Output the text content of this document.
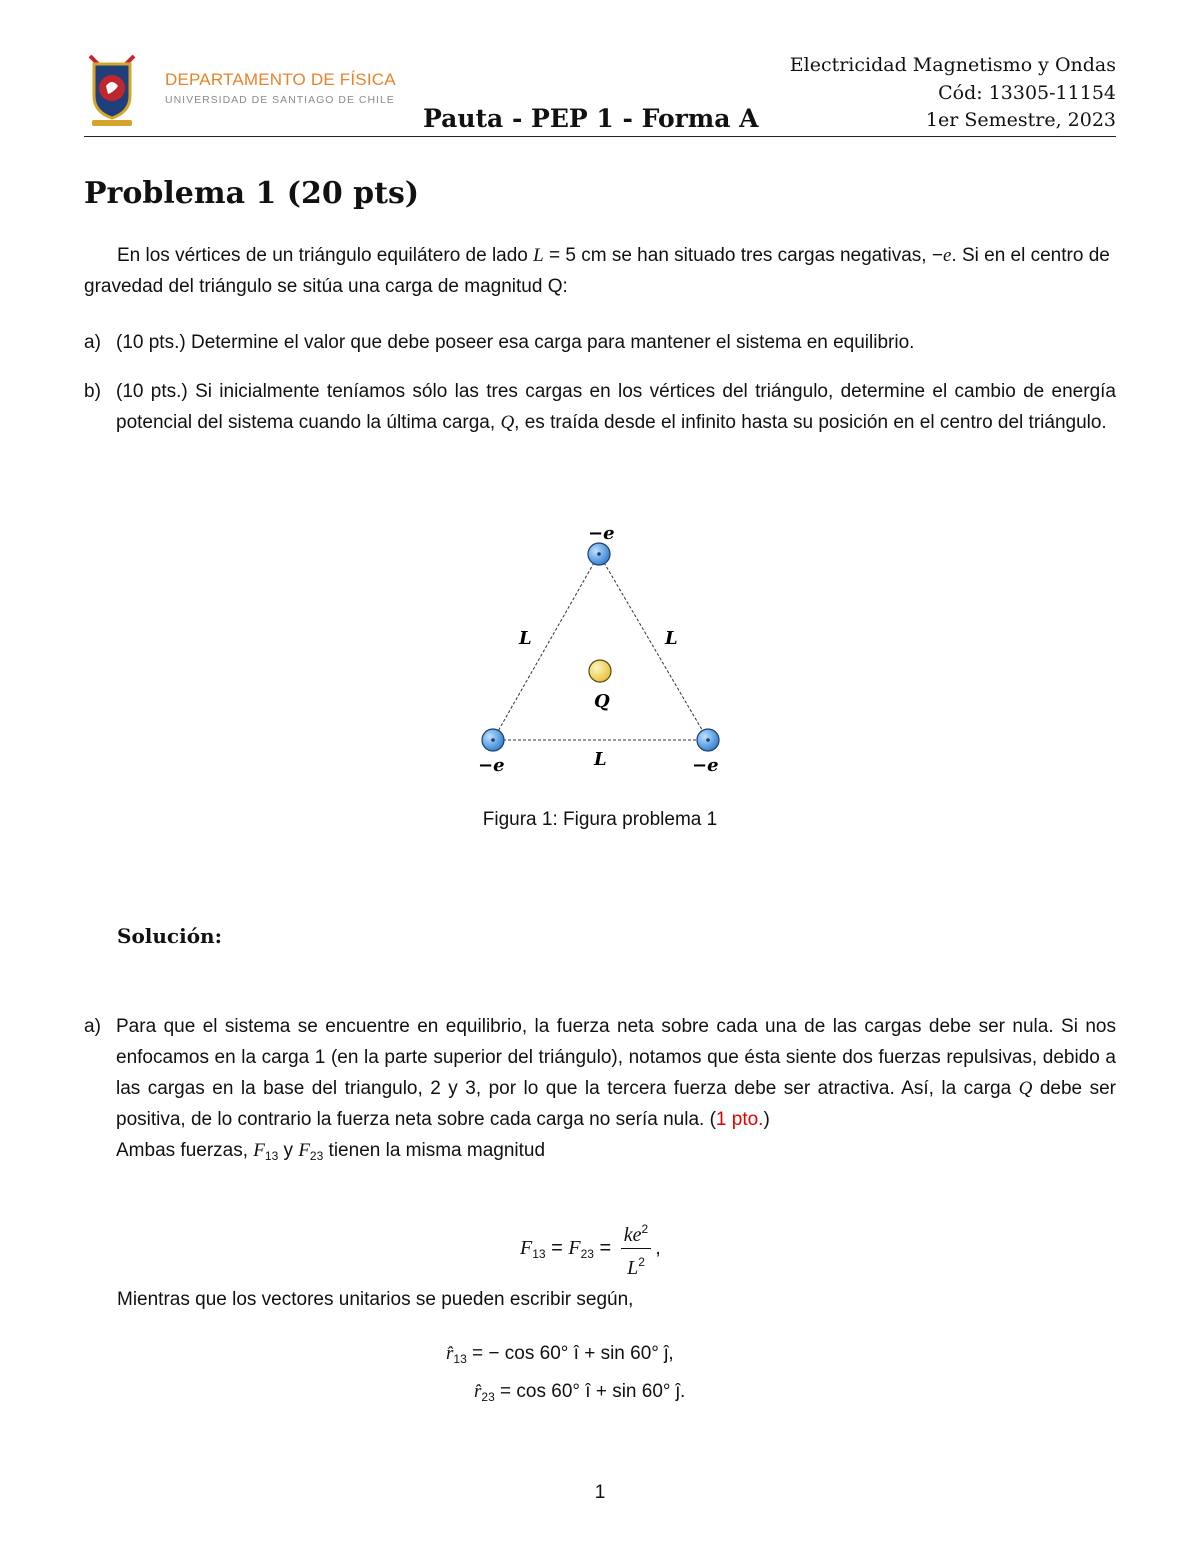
DEPARTAMENTO DE FÍSICA
UNIVERSIDAD DE SANTIAGO DE CHILE
Electricidad Magnetismo y Ondas
Cód: 13305-11154
1er Semestre, 2023
Pauta - PEP 1 - Forma A
Problema 1 (20 pts)
En los vértices de un triángulo equilátero de lado L = 5 cm se han situado tres cargas negativas, −e. Si en el centro de gravedad del triángulo se sitúa una carga de magnitud Q:
a) (10 pts.) Determine el valor que debe poseer esa carga para mantener el sistema en equilibrio.
b) (10 pts.) Si inicialmente teníamos sólo las tres cargas en los vértices del triángulo, determine el cambio de energía potencial del sistema cuando la última carga, Q, es traída desde el infinito hasta su posición en el centro del triángulo.
−e
−e	−e
L	L
L
Q
Figura 1: Figura problema 1
Solución:
a) Para que el sistema se encuentre en equilibrio, la fuerza neta sobre cada una de las cargas debe ser nula. Si nos enfocamos en la carga 1 (en la parte superior del triángulo), notamos que ésta siente dos fuerzas repulsivas, debido a las cargas en la base del triangulo, 2 y 3, por lo que la tercera fuerza debe ser atractiva. Así, la carga Q debe ser positiva, de lo contrario la fuerza neta sobre cada carga no sería nula. (1 pto.)
Ambas fuerzas, $F_{13}$ y $F_{23}$ tienen la misma magnitud
$F_{13} = F_{23} = \frac{ke^2}{L^2}$ ,
Mientras que los vectores unitarios se pueden escribir según,
$r̂_{13}$ = − cos 60° î + sin 60° ĵ,
$r̂_{23} = \cos 60^\circ$ î + sin 60° ĵ.
1
